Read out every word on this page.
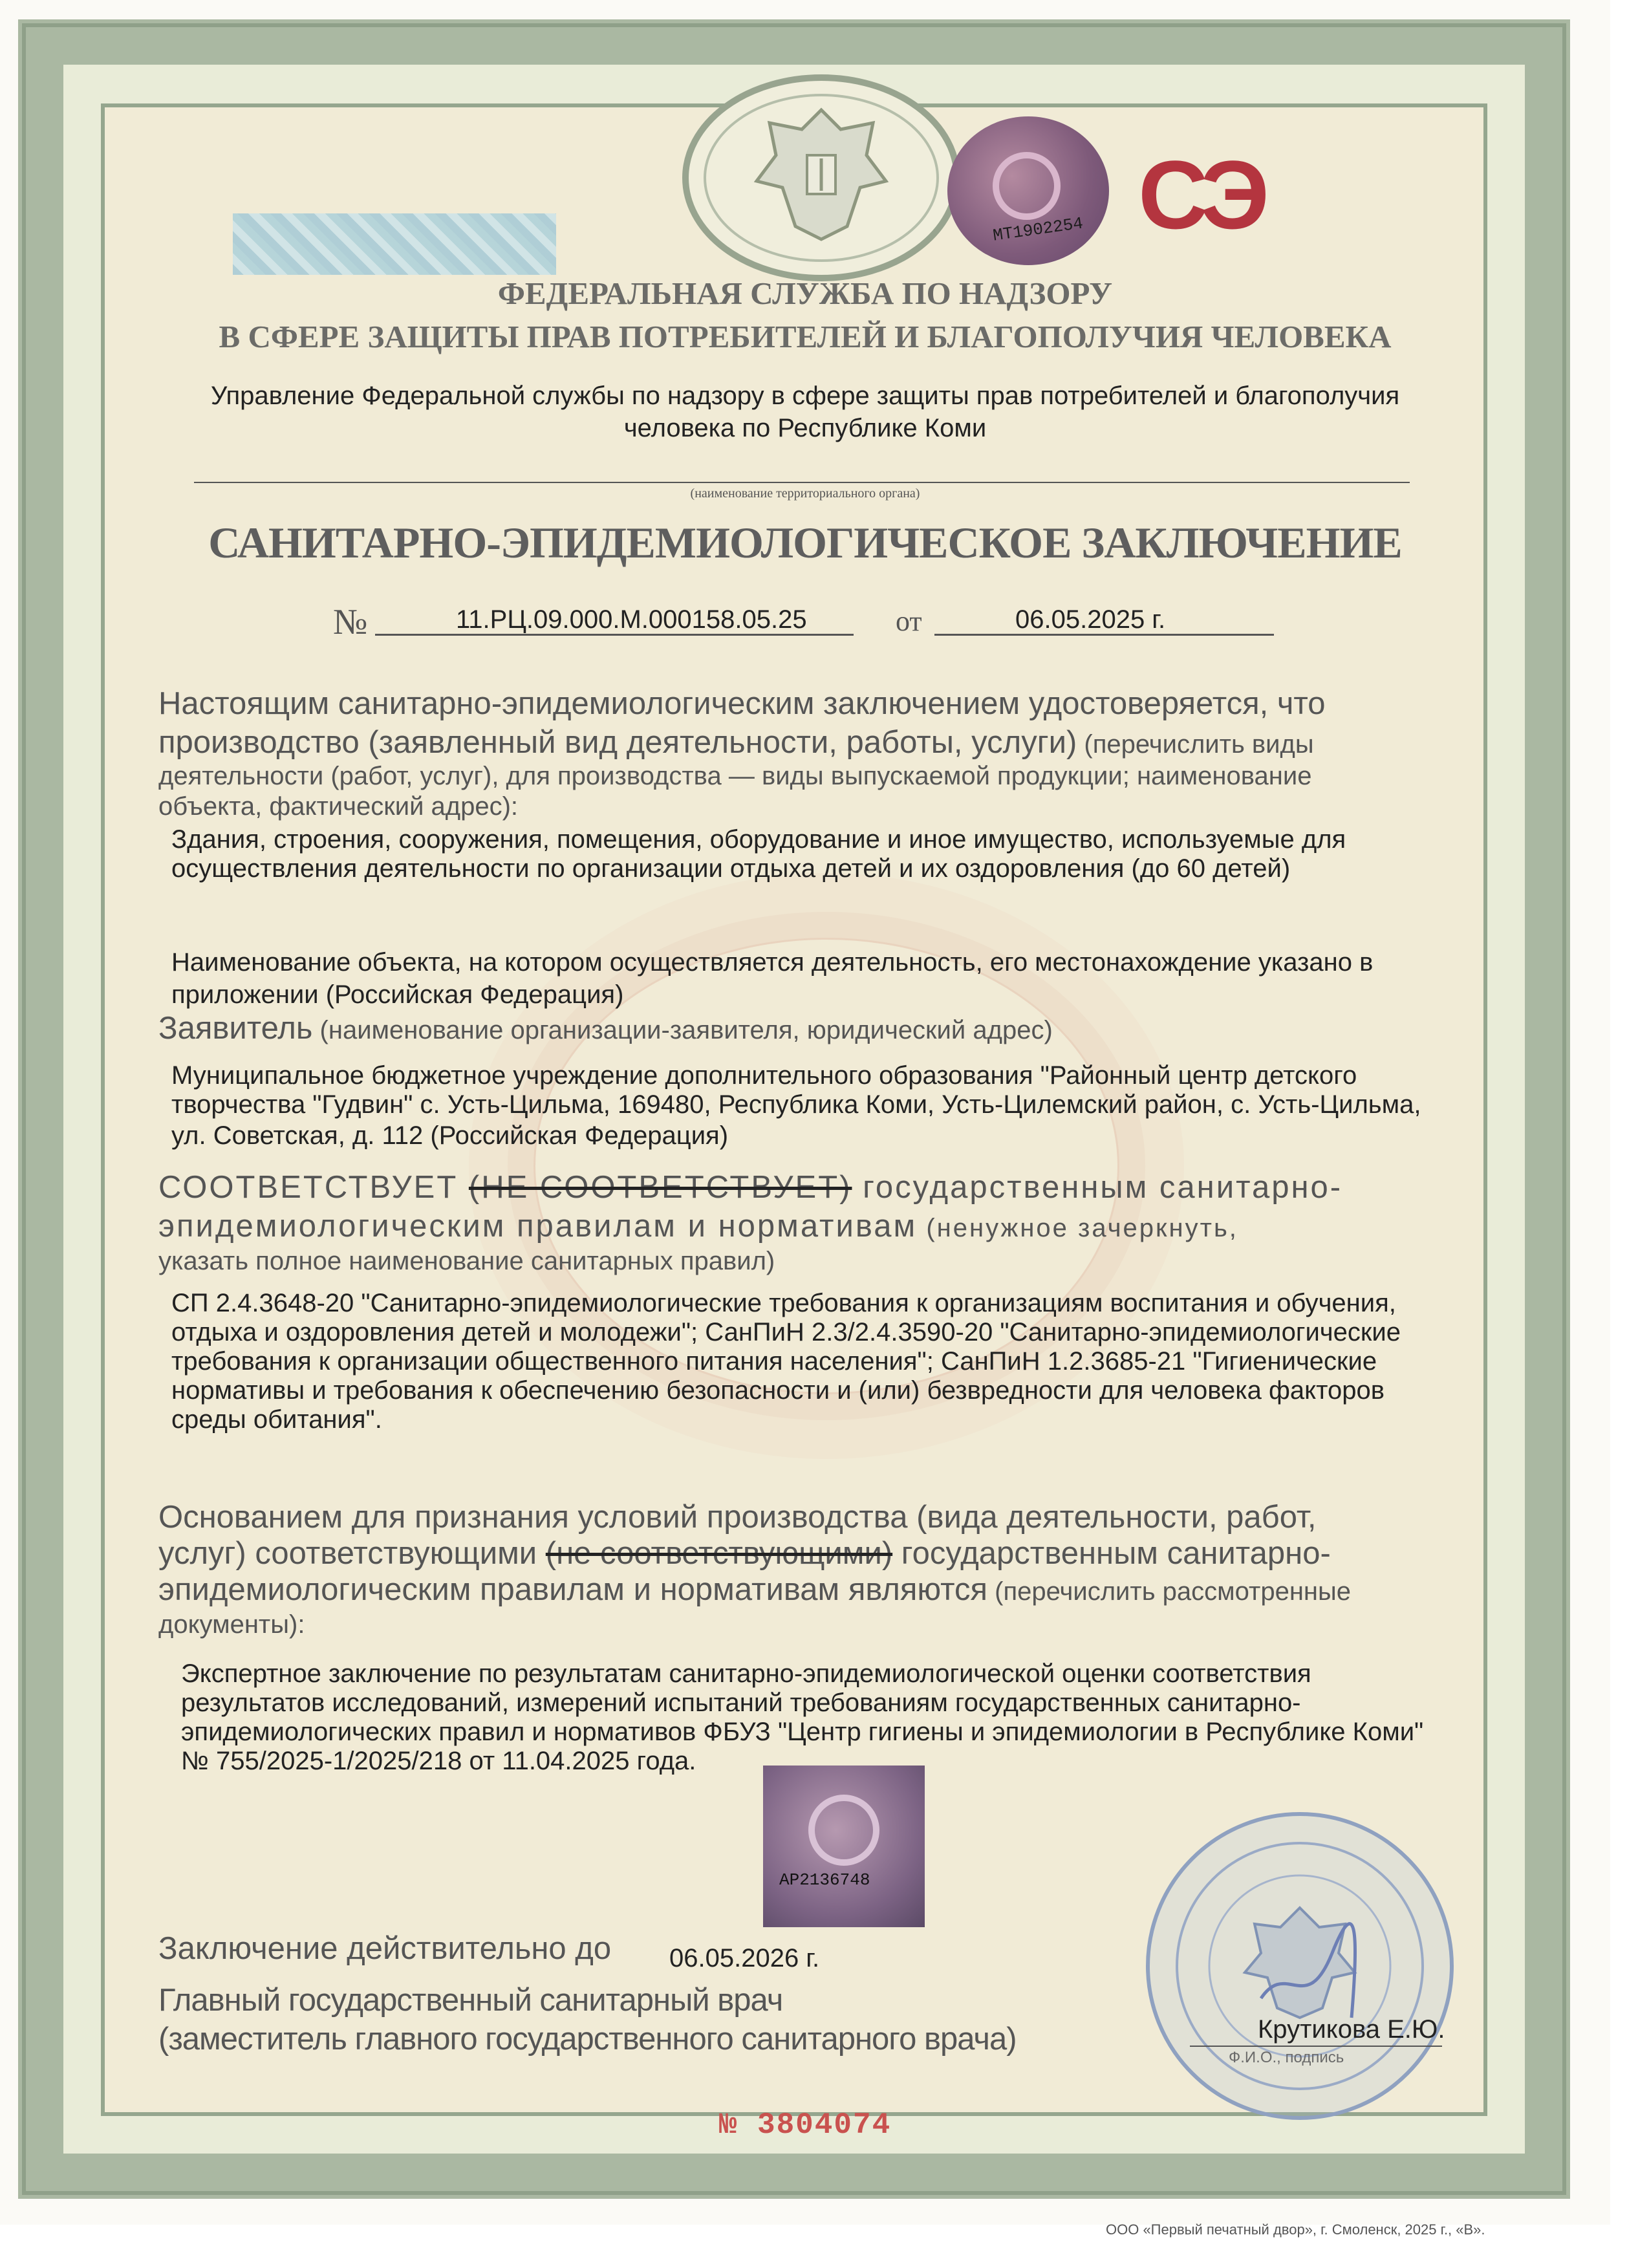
MT1902254 СЭ
ФЕДЕРАЛЬНАЯ СЛУЖБА ПО НАДЗОРУ
В СФЕРЕ ЗАЩИТЫ ПРАВ ПОТРЕБИТЕЛЕЙ И БЛАГОПОЛУЧИЯ ЧЕЛОВЕКА
Управление Федеральной службы по надзору в сфере защиты прав потребителей и благополучия
человека по Республике Коми
(наименование территориального органа)
САНИТАРНО-ЭПИДЕМИОЛОГИЧЕСКОЕ ЗАКЛЮЧЕНИЕ
№	11.РЦ.09.000.М.000158.05.25	от	06.05.2025 г.
Настоящим санитарно-эпидемиологическим заключением удостоверяется, что
производство (заявленный вид деятельности, работы, услуги) (перечислить виды
деятельности (работ, услуг), для производства — виды выпускаемой продукции; наименование
объекта, фактический адрес):
Здания, строения, сооружения, помещения, оборудование и иное имущество, используемые для
осуществления деятельности по организации отдыха детей и их оздоровления (до 60 детей)
Наименование объекта, на котором осуществляется деятельность, его местонахождение указано в
приложении (Российская Федерация)
Заявитель (наименование организации-заявителя, юридический адрес)
Муниципальное бюджетное учреждение дополнительного образования "Районный центр детского
творчества "Гудвин" с. Усть-Цильма, 169480, Республика Коми, Усть-Цилемский район, с. Усть-Цильма,
ул. Советская, д. 112 (Российская Федерация)
СООТВЕТСТВУЕТ (НЕ СООТВЕТСТВУЕТ) государственным санитарно-
эпидемиологическим правилам и нормативам (ненужное зачеркнуть,
указать полное наименование санитарных правил)
СП 2.4.3648-20 "Санитарно-эпидемиологические требования к организациям воспитания и обучения,
отдыха и оздоровления детей и молодежи"; СанПиН 2.3/2.4.3590-20 "Санитарно-эпидемиологические
требования к организации общественного питания населения"; СанПиН 1.2.3685-21 "Гигиенические
нормативы и требования к обеспечению безопасности и (или) безвредности для человека факторов
среды обитания".
Основанием для признания условий производства (вида деятельности, работ,
услуг) соответствующими (не соответствующими) государственным санитарно-
эпидемиологическим правилам и нормативам являются (перечислить рассмотренные
документы):
Экспертное заключение по результатам санитарно-эпидемиологической оценки соответствия
результатов исследований, измерений испытаний требованиям государственных санитарно-
эпидемиологических правил и нормативов ФБУЗ "Центр гигиены и эпидемиологии в Республике Коми"
№ 755/2025-1/2025/218 от 11.04.2025 года.
АР2136748
Заключение действительно до 06.05.2026 г.
Главный государственный санитарный врач
(заместитель главного государственного санитарного врача)	Крутикова Е.Ю.
Ф.И.О., подпись
№ 3804074
ООО «Первый печатный двор», г. Смоленск, 2025 г., «В».
